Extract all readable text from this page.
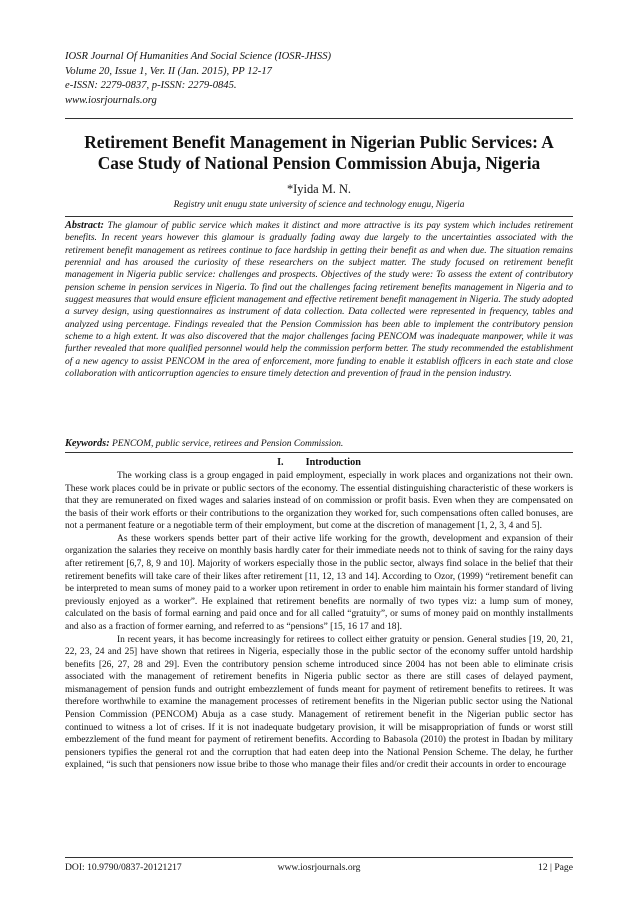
IOSR Journal Of Humanities And Social Science (IOSR-JHSS)
Volume 20, Issue 1, Ver. II (Jan. 2015), PP 12-17
e-ISSN: 2279-0837, p-ISSN: 2279-0845.
www.iosrjournals.org
Retirement Benefit Management in Nigerian Public Services: A
Case Study of National Pension Commission Abuja, Nigeria
*Iyida M. N.
Registry unit enugu state university of science and technology enugu, Nigeria

Abstract: The glamour of public service which makes it distinct and more attractive is its pay system which includes retirement benefits. In recent years however this glamour is gradually fading away due largely to the uncertainties associated with the retirement benefit management as retirees continue to face hardship in getting their benefit as and when due. The situation remains perennial and has aroused the curiosity of these researchers on the subject matter. The study focused on retirement benefit management in Nigeria public service: challenges and prospects. Objectives of the study were: To assess the extent of contributory pension scheme in pension services in Nigeria. To find out the challenges facing retirement benefits management in Nigeria and to suggest measures that would ensure efficient management and effective retirement benefit management in Nigeria. The study adopted a survey design, using questionnaires as instrument of data collection. Data collected were represented in frequency, tables and analyzed using percentage. Findings revealed that the Pension Commission has been able to implement the contributory pension scheme to a high extent. It was also discovered that the major challenges facing PENCOM was inadequate manpower, while it was further revealed that more qualified personnel would help the commission perform better. The study recommended the establishment of a new agency to assist PENCOM in the area of enforcement, more funding to enable it establish officers in each state and close collaboration with anticorruption agencies to ensure timely detection and prevention of fraud in the pension industry.

Keywords: PENCOM, public service, retirees and Pension Commission.

I. Introduction

The working class is a group engaged in paid employment, especially in work places and organizations not their own. These work places could be in private or public sectors of the economy. The essential distinguishing characteristic of these workers is that they are remunerated on fixed wages and salaries instead of on commission or profit basis. Even when they are compensated on the basis of their work efforts or their contributions to the organization they worked for, such compensations often called bonuses, are not a permanent feature or a negotiable term of their employment, but come at the discretion of management [1, 2, 3, 4 and 5].

As these workers spends better part of their active life working for the growth, development and expansion of their organization the salaries they receive on monthly basis hardly cater for their immediate needs not to think of saving for the rainy days after retirement [6,7, 8, 9 and 10]. Majority of workers especially those in the public sector, always find solace in the belief that their retirement benefits will take care of their likes after retirement [11, 12, 13 and 14]. According to Ozor, (1999) “retirement benefit can be interpreted to mean sums of money paid to a worker upon retirement in order to enable him maintain his former standard of living previously enjoyed as a worker”. He explained that retirement benefits are normally of two types viz: a lump sum of money, calculated on the basis of formal earning and paid once and for all called “gratuity”, or sums of money paid on monthly installments and also as a fraction of former earning, and referred to as “pensions” [15, 16 17 and 18].

In recent years, it has become increasingly for retirees to collect either gratuity or pension. General studies [19, 20, 21, 22, 23, 24 and 25] have shown that retirees in Nigeria, especially those in the public sector of the economy suffer untold hardship benefits [26, 27, 28 and 29]. Even the contributory pension scheme introduced since 2004 has not been able to eliminate crisis associated with the management of retirement benefits in Nigeria public sector as there are still cases of delayed payment, mismanagement of pension funds and outright embezzlement of funds meant for payment of retirement benefits to retirees. It was therefore worthwhile to examine the management processes of retirement benefits in the Nigerian public sector using the National Pension Commission (PENCOM) Abuja as a case study. Management of retirement benefit in the Nigerian public sector has continued to witness a lot of crises. If it is not inadequate budgetary provision, it will be misappropriation of funds or worst still embezzlement of the fund meant for payment of retirement benefits. According to Babasola (2010) the protest in Ibadan by military pensioners typifies the general rot and the corruption that had eaten deep into the National Pension Scheme. The delay, he further explained, “is such that pensioners now issue bribe to those who manage their files and/or credit their accounts in order to encourage

DOI: 10.9790/0837-20121217	www.iosrjournals.org	12 | Page
